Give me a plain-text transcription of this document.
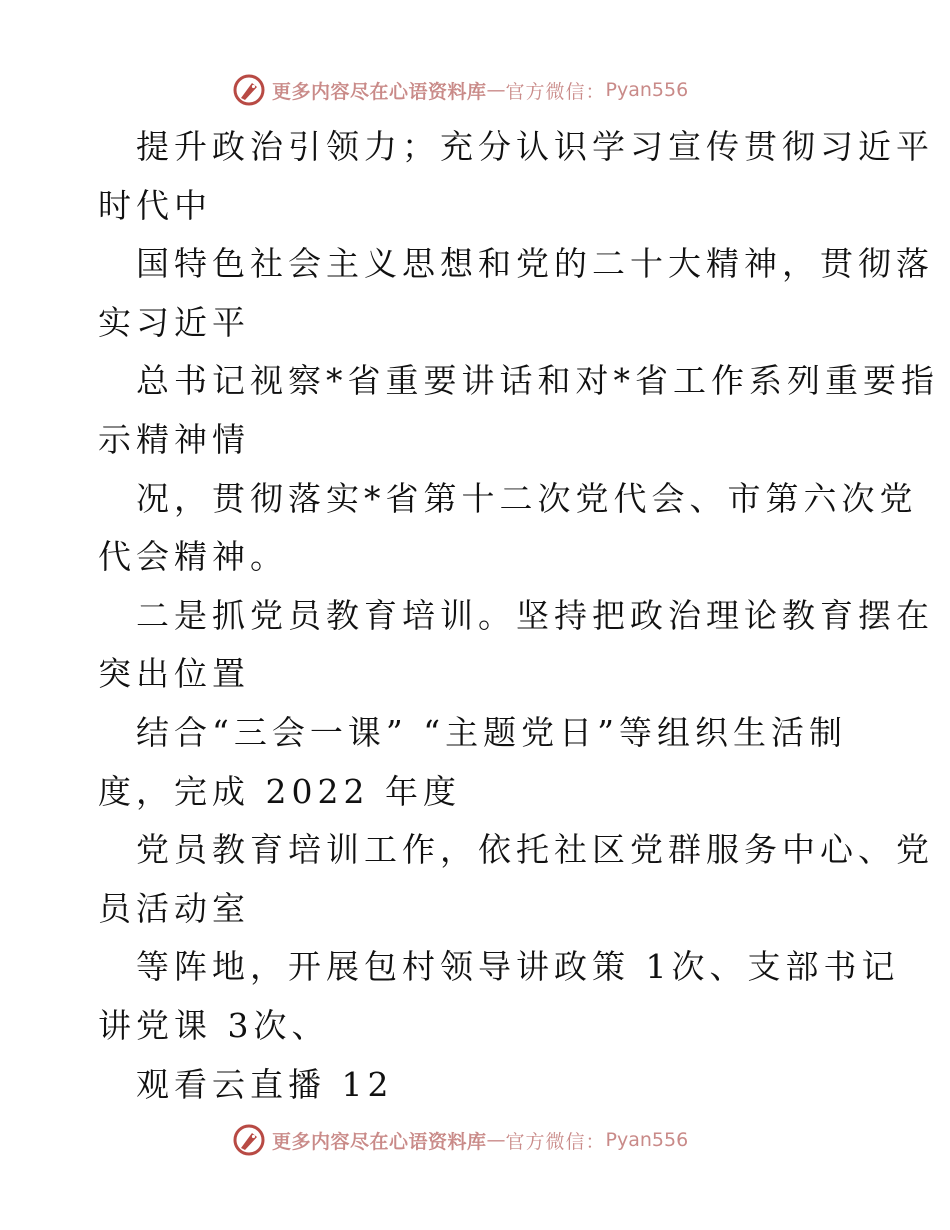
更多内容尽在心语资料库 — 官方微信： Pyan556
提升政治引领力；充分认识学习宣传贯彻习近平
时代中
国特色社会主义思想和党的二十大精神，贯彻落
实习近平
总书记视察*省重要讲话和对*省工作系列重要指
示精神情
况，贯彻落实*省第十二次党代会、市第六次党
代会精神。
二是抓党员教育培训。坚持把政治理论教育摆在
突出位置
结合“三会一课” “主题党日”等组织生活制
度，完成 2022 年度
党员教育培训工作，依托社区党群服务中心、党
员活动室
等阵地，开展包村领导讲政策 1次、支部书记
讲党课 3次、
观看云直播 12
更多内容尽在心语资料库 — 官方微信： Pyan556
